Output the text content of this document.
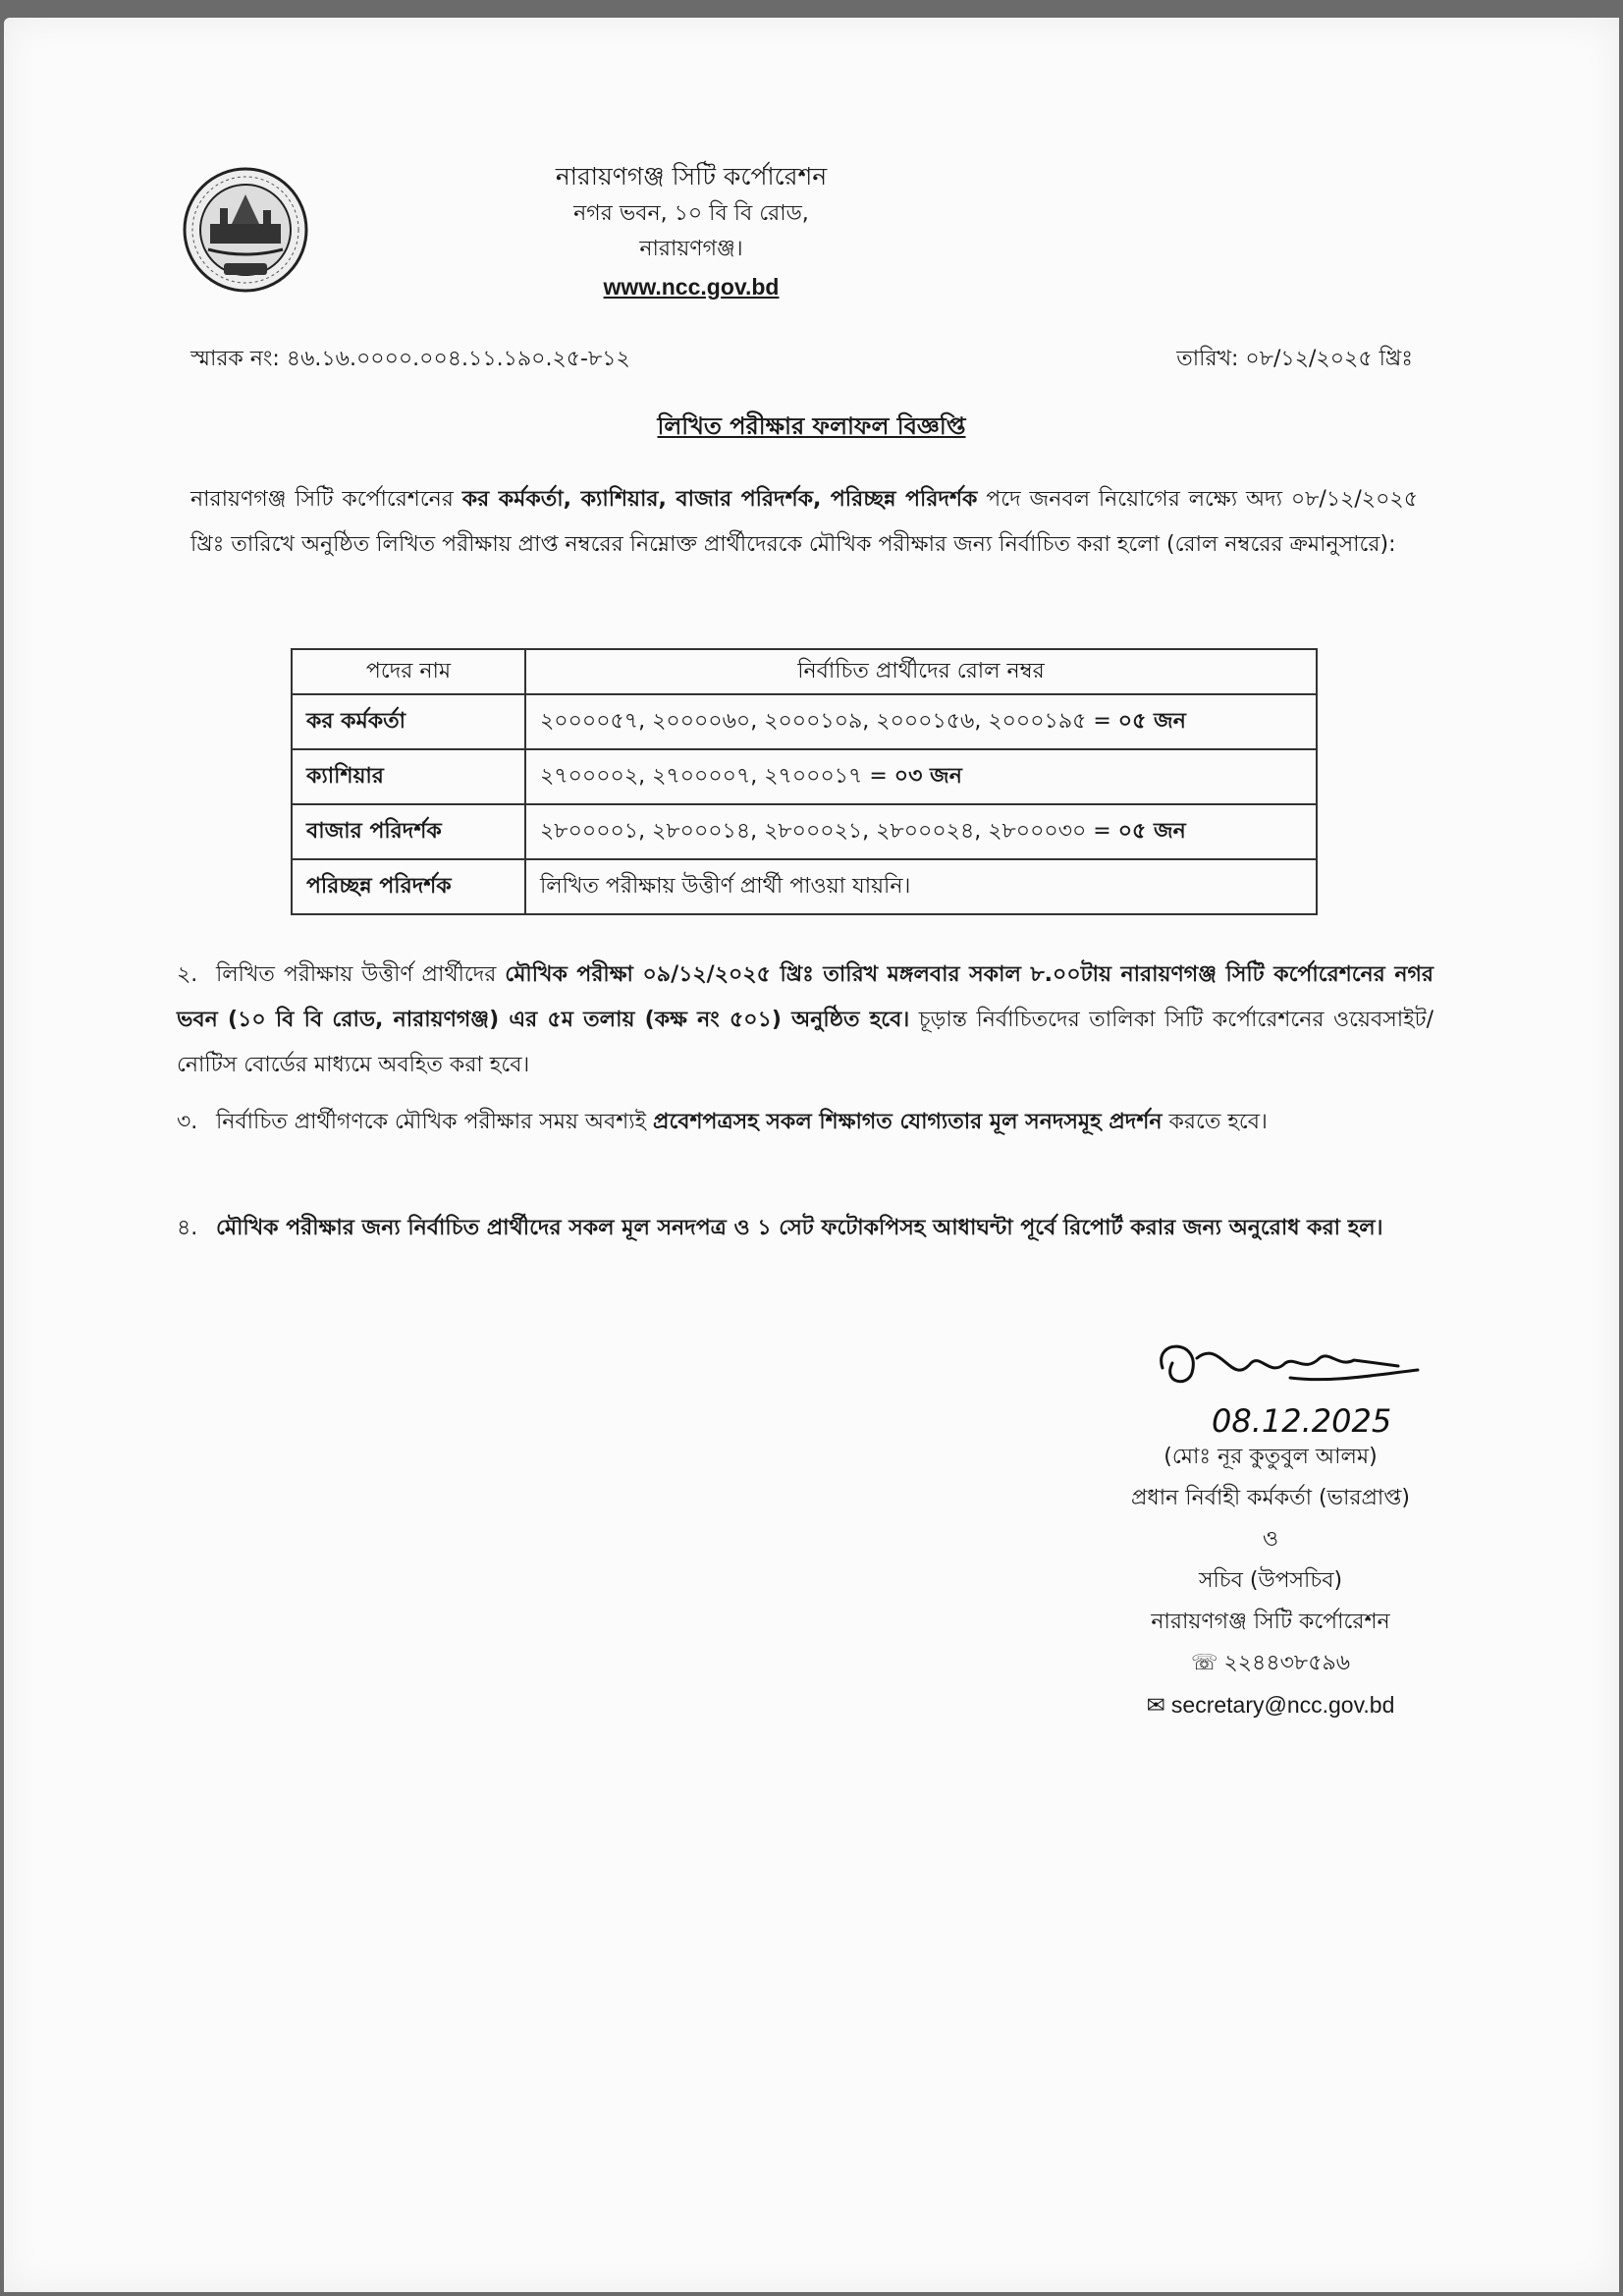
নারায়ণগঞ্জ সিটি কর্পোরেশন
নগর ভবন, ১০ বি বি রোড,
নারায়ণগঞ্জ।
www.ncc.gov.bd
স্মারক নং: ৪৬.১৬.০০০০.০০৪.১১.১৯০.২৫-৮১২	তারিখ: ০৮/১২/২০২৫ খ্রিঃ
লিখিত পরীক্ষার ফলাফল বিজ্ঞপ্তি
নারায়ণগঞ্জ সিটি কর্পোরেশনের কর কর্মকর্তা, ক্যাশিয়ার, বাজার পরিদর্শক, পরিচ্ছন্ন পরিদর্শক পদে জনবল নিয়োগের লক্ষ্যে অদ্য ০৮/১২/২০২৫ খ্রিঃ তারিখে অনুষ্ঠিত লিখিত পরীক্ষায় প্রাপ্ত নম্বরের নিম্নোক্ত প্রার্থীদেরকে মৌখিক পরীক্ষার জন্য নির্বাচিত করা হলো (রোল নম্বরের ক্রমানুসারে):
পদের নাম	নির্বাচিত প্রার্থীদের রোল নম্বর
কর কর্মকর্তা	২০০০০৫৭, ২০০০০৬০, ২০০০১০৯, ২০০০১৫৬, ২০০০১৯৫ = ০৫ জন
ক্যাশিয়ার	২৭০০০০২, ২৭০০০০৭, ২৭০০০১৭ = ০৩ জন
বাজার পরিদর্শক	২৮০০০০১, ২৮০০০১৪, ২৮০০০২১, ২৮০০০২৪, ২৮০০০৩০ = ০৫ জন
পরিচ্ছন্ন পরিদর্শক	লিখিত পরীক্ষায় উত্তীর্ণ প্রার্থী পাওয়া যায়নি।
২. লিখিত পরীক্ষায় উত্তীর্ণ প্রার্থীদের মৌখিক পরীক্ষা ০৯/১২/২০২৫ খ্রিঃ তারিখ মঙ্গলবার সকাল ৮.০০টায় নারায়ণগঞ্জ সিটি কর্পোরেশনের নগর ভবন (১০ বি বি রোড, নারায়ণগঞ্জ) এর ৫ম তলায় (কক্ষ নং ৫০১) অনুষ্ঠিত হবে। চূড়ান্ত নির্বাচিতদের তালিকা সিটি কর্পোরেশনের ওয়েবসাইট/ নোটিস বোর্ডের মাধ্যমে অবহিত করা হবে।
৩. নির্বাচিত প্রার্থীগণকে মৌখিক পরীক্ষার সময় অবশ্যই প্রবেশপত্রসহ সকল শিক্ষাগত যোগ্যতার মূল সনদসমূহ প্রদর্শন করতে হবে।
৪. মৌখিক পরীক্ষার জন্য নির্বাচিত প্রার্থীদের সকল মূল সনদপত্র ও ১ সেট ফটোকপিসহ আধাঘন্টা পূর্বে রিপোর্ট করার জন্য অনুরোধ করা হল।
08.12.2025
(মোঃ নূর কুতুবুল আলম)
প্রধান নির্বাহী কর্মকর্তা (ভারপ্রাপ্ত)
ও
সচিব (উপসচিব)
নারায়ণগঞ্জ সিটি কর্পোরেশন
☏ ২২৪৪৩৮৫৯৬
✉ secretary@ncc.gov.bd
